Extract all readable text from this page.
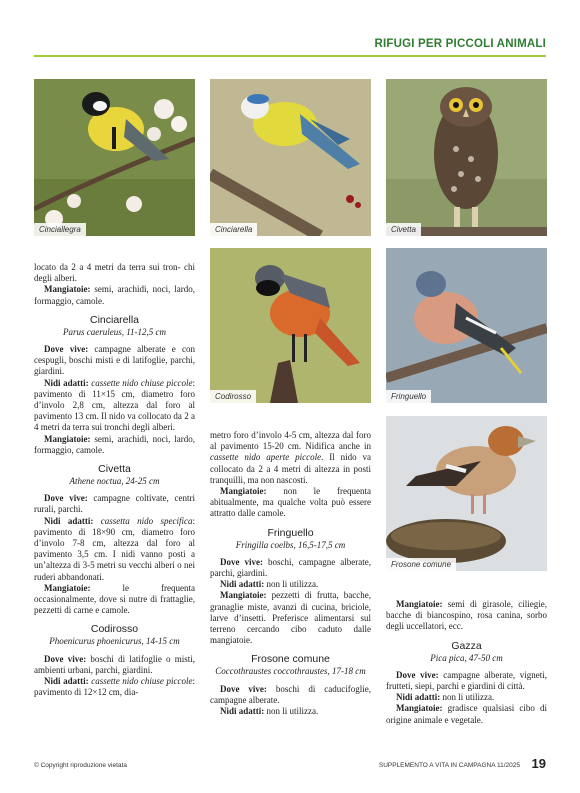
RIFUGI PER PICCOLI ANIMALI
Cinciallegra	Cinciarella	Civetta
Codirosso	Fringuello
Frosone comune

locato da 2 a 4 metri da terra sui tron- chi degli alberi.

Mangiatoie: semi, arachidi, noci, lardo, formaggio, camole.

Cinciarella

Parus caeruleus, 11-12,5 cm

Dove vive: campagne alberate e con cespugli, boschi misti e di latifoglie, parchi, giardini.

Nidi adatti: cassette nido chiuse piccole: pavimento di 11×15 cm, diametro foro d’involo 2,8 cm, altezza dal foro al pavimento 13 cm. Il nido va collocato da 2 a 4 metri da terra sui tronchi degli alberi.

Mangiatoie: semi, arachidi, noci, lardo, formaggio, camole.

Civetta

Athene noctua, 24-25 cm

Dove vive: campagne coltivate, centri rurali, parchi.

Nidi adatti: cassetta nido specifica: pavimento di 18×90 cm, diametro foro d’involo 7-8 cm, altezza dal foro al pavimento 3,5 cm. I nidi vanno posti a un’altezza di 3-5 metri su vecchi alberi o nei ruderi abbandonati.

Mangiatoie: le frequenta occasionalmente, dove si nutre di frattaglie, pezzetti di carne e camole.

Codirosso

Phoenicurus phoenicurus, 14-15 cm

Dove vive: boschi di latifoglie o misti, ambienti urbani, parchi, giardini.

Nidi adatti: cassette nido chiuse piccole: pavimento di 12×12 cm, dia-

metro foro d’involo 4-5 cm, altezza dal foro al pavimento 15-20 cm. Nidifica anche in cassette nido aperte piccole. Il nido va collocato da 2 a 4 metri di altezza in posti tranquilli, ma non nascosti.

Mangiatoie: non le frequenta abitualmente, ma qualche volta può essere attratto dalle camole.

Fringuello

Fringilla coelbs, 16,5-17,5 cm

Dove vive: boschi, campagne alberate, parchi, giardini.

Nidi adatti: non li utilizza.

Mangiatoie: pezzetti di frutta, bacche, granaglie miste, avanzi di cucina, briciole, larve d’insetti. Preferisce alimentarsi sul terreno cercando cibo caduto dalle mangiatoie.

Frosone comune

Coccothraustes coccothraustes, 17-18 cm

Dove vive: boschi di caducifoglie, campagne alberate.

Nidi adatti: non li utilizza.

Mangiatoie: semi di girasole, ciliegie, bacche di biancospino, rosa canina, sorbo degli uccellatori, ecc.

Gazza

Pica pica, 47-50 cm

Dove vive: campagne alberate, vigneti, frutteti, siepi, parchi e giardini di città.

Nidi adatti: non li utilizza.

Mangiatoie: gradisce qualsiasi cibo di origine animale e vegetale.

© Copyright riproduzione vietata	SUPPLEMENTO A VITA IN CAMPAGNA 11/2025 19
